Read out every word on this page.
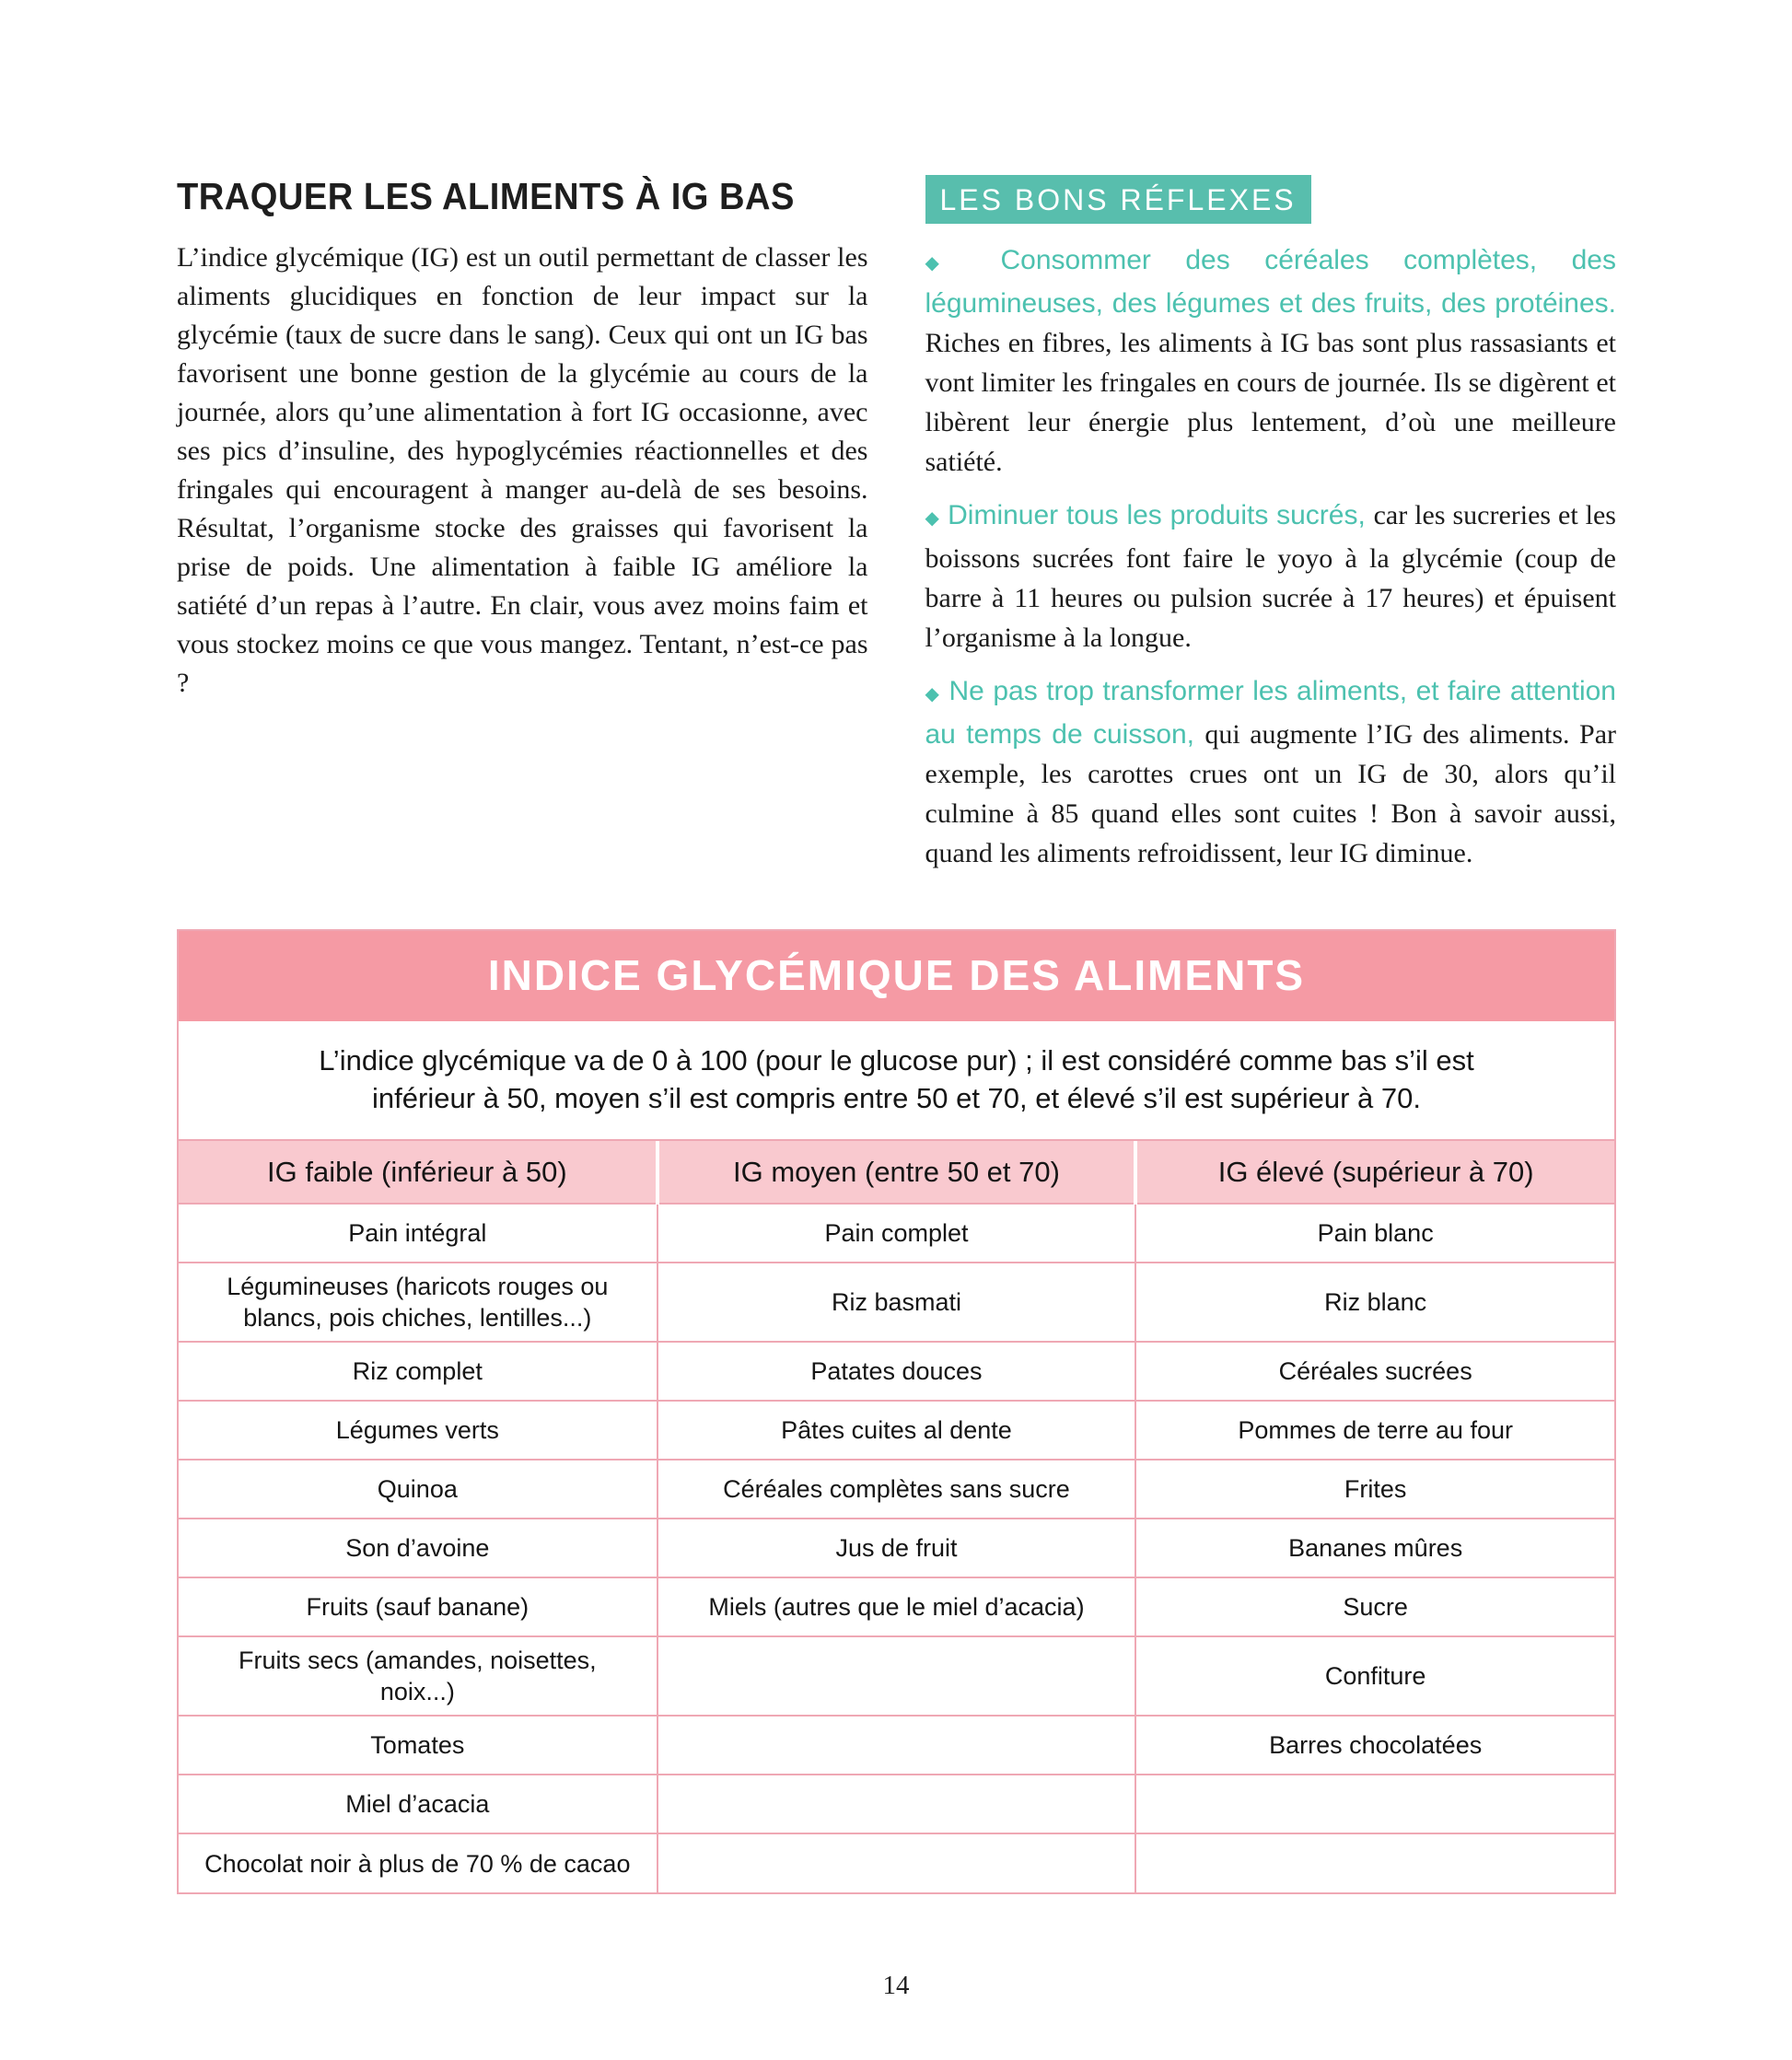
TRAQUER LES ALIMENTS À IG BAS

L’indice glycémique (IG) est un outil permettant de classer les aliments glucidiques en fonction de leur impact sur la glycémie (taux de sucre dans le sang). Ceux qui ont un IG bas favorisent une bonne gestion de la glycémie au cours de la journée, alors qu’une alimentation à fort IG occasionne, avec ses pics d’insuline, des hypoglycémies réactionnelles et des fringales qui encouragent à manger au-delà de ses besoins. Résultat, l’organisme stocke des graisses qui favorisent la prise de poids. Une alimentation à faible IG améliore la satiété d’un repas à l’autre. En clair, vous avez moins faim et vous stockez moins ce que vous mangez. Tentant, n’est-ce pas ?

LES BONS RÉFLEXES

◆ Consommer des céréales complètes, des légumineuses, des légumes et des fruits, des protéines. Riches en fibres, les aliments à IG bas sont plus rassasiants et vont limiter les fringales en cours de journée. Ils se digèrent et libèrent leur énergie plus lentement, d’où une meilleure satiété.

◆ Diminuer tous les produits sucrés, car les sucreries et les boissons sucrées font faire le yoyo à la glycémie (coup de barre à 11 heures ou pulsion sucrée à 17 heures) et épuisent l’organisme à la longue.

◆ Ne pas trop transformer les aliments, et faire attention au temps de cuisson, qui augmente l’IG des aliments. Par exemple, les carottes crues ont un IG de 30, alors qu’il culmine à 85 quand elles sont cuites ! Bon à savoir aussi, quand les aliments refroidissent, leur IG diminue.

INDICE GLYCÉMIQUE DES ALIMENTS
L’indice glycémique va de 0 à 100 (pour le glucose pur) ; il est considéré comme bas s’il est inférieur à 50, moyen s’il est compris entre 50 et 70, et élevé s’il est supérieur à 70.
IG faible (inférieur à 50)	IG moyen (entre 50 et 70)	IG élevé (supérieur à 70)
Pain intégral	Pain complet	Pain blanc
Légumineuses (haricots rouges ou blancs, pois chiches, lentilles...)	Riz basmati	Riz blanc
Riz complet	Patates douces	Céréales sucrées
Légumes verts	Pâtes cuites al dente	Pommes de terre au four
Quinoa	Céréales complètes sans sucre	Frites
Son d’avoine	Jus de fruit	Bananes mûres
Fruits (sauf banane)	Miels (autres que le miel d’acacia)	Sucre
Fruits secs (amandes, noisettes, noix...)		Confiture
Tomates		Barres chocolatées
Miel d’acacia		
Chocolat noir à plus de 70 % de cacao		
14
